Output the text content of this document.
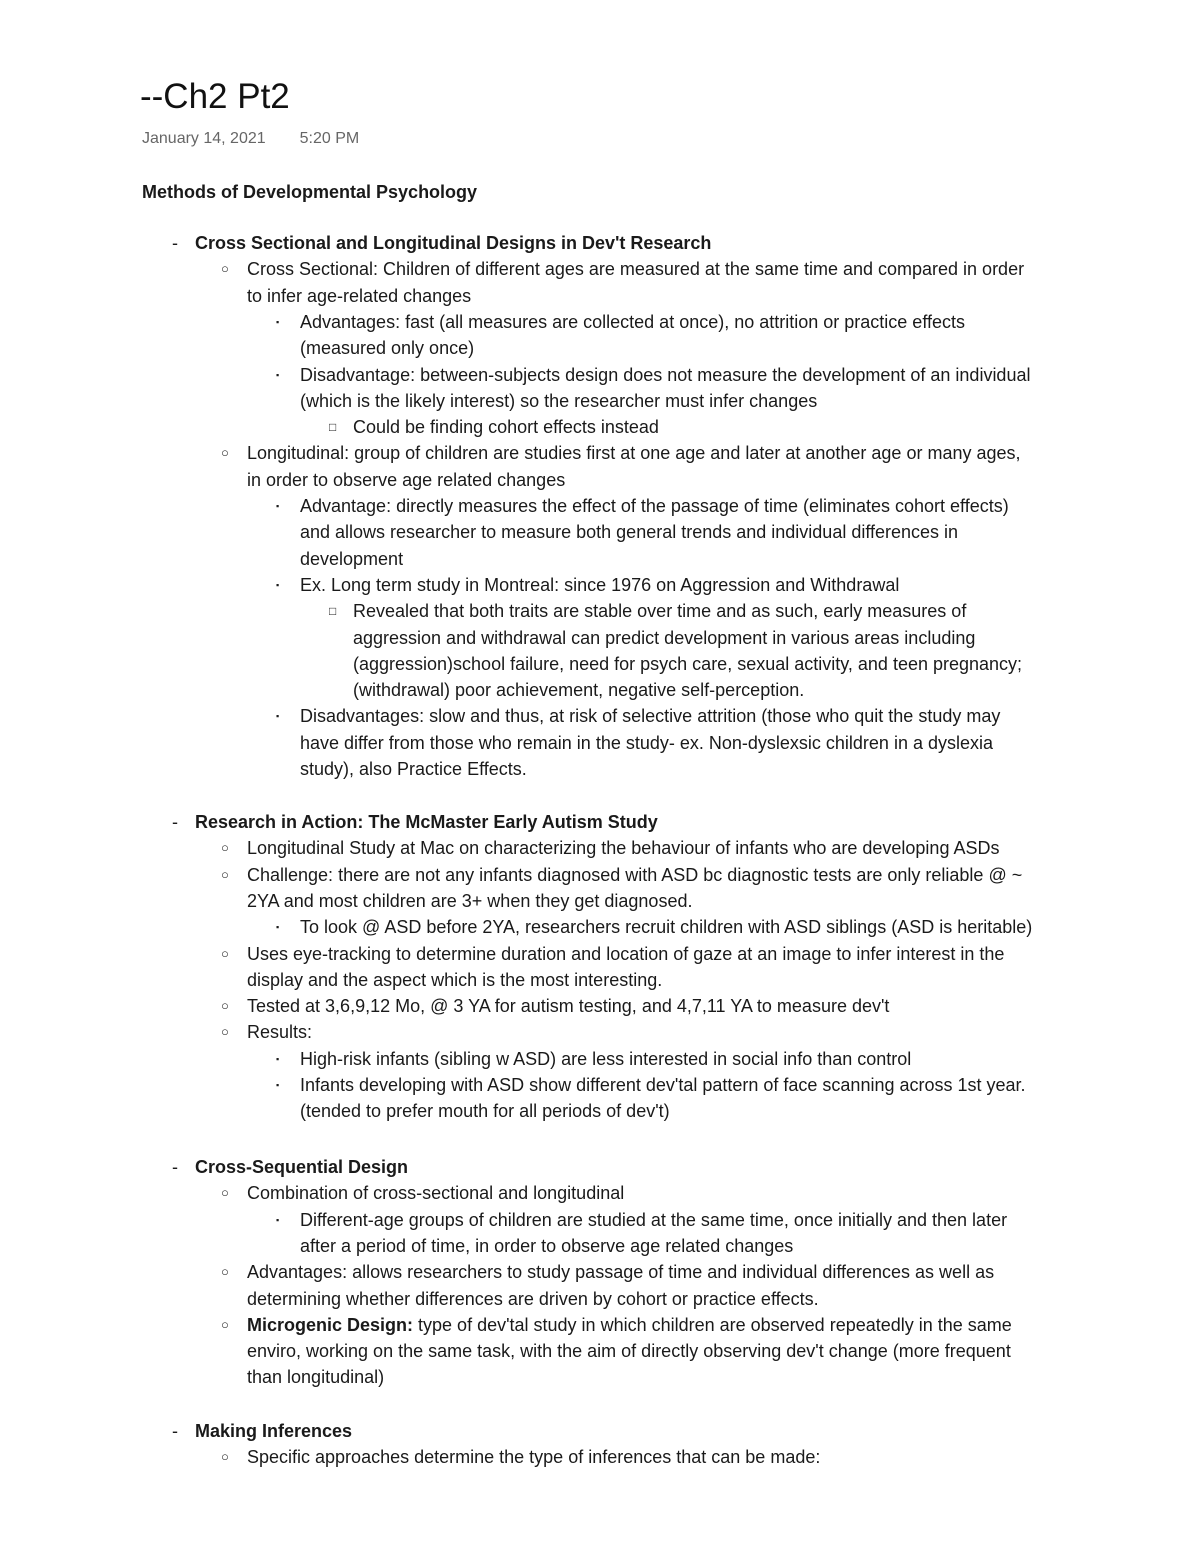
--Ch2 Pt2
January 14, 2021 5:20 PM
Methods of Developmental Psychology
- Cross Sectional and Longitudinal Designs in Dev't Research
○ Cross Sectional: Children of different ages are measured at the same time and compared in order
to infer age-related changes
▪ Advantages: fast (all measures are collected at once), no attrition or practice effects
(measured only once)
▪ Disadvantage: between-subjects design does not measure the development of an individual
(which is the likely interest) so the researcher must infer changes
□ Could be finding cohort effects instead
○ Longitudinal: group of children are studies first at one age and later at another age or many ages,
in order to observe age related changes
▪ Advantage: directly measures the effect of the passage of time (eliminates cohort effects)
and allows researcher to measure both general trends and individual differences in
development
▪ Ex. Long term study in Montreal: since 1976 on Aggression and Withdrawal
□ Revealed that both traits are stable over time and as such, early measures of
aggression and withdrawal can predict development in various areas including
(aggression)school failure, need for psych care, sexual activity, and teen pregnancy;
(withdrawal) poor achievement, negative self-perception.
▪ Disadvantages: slow and thus, at risk of selective attrition (those who quit the study may
have differ from those who remain in the study- ex. Non-dyslexsic children in a dyslexia
study), also Practice Effects.
- Research in Action: The McMaster Early Autism Study
○ Longitudinal Study at Mac on characterizing the behaviour of infants who are developing ASDs
○ Challenge: there are not any infants diagnosed with ASD bc diagnostic tests are only reliable @ ~
2YA and most children are 3+ when they get diagnosed.
▪ To look @ ASD before 2YA, researchers recruit children with ASD siblings (ASD is heritable)
○ Uses eye-tracking to determine duration and location of gaze at an image to infer interest in the
display and the aspect which is the most interesting.
○ Tested at 3,6,9,12 Mo, @ 3 YA for autism testing, and 4,7,11 YA to measure dev't
○ Results:
▪ High-risk infants (sibling w ASD) are less interested in social info than control
▪ Infants developing with ASD show different dev'tal pattern of face scanning across 1st year.
(tended to prefer mouth for all periods of dev't)
- Cross-Sequential Design
○ Combination of cross-sectional and longitudinal
▪ Different-age groups of children are studied at the same time, once initially and then later
after a period of time, in order to observe age related changes
○ Advantages: allows researchers to study passage of time and individual differences as well as
determining whether differences are driven by cohort or practice effects.
○ Microgenic Design: type of dev'tal study in which children are observed repeatedly in the same
enviro, working on the same task, with the aim of directly observing dev't change (more frequent
than longitudinal)
- Making Inferences
○ Specific approaches determine the type of inferences that can be made:
